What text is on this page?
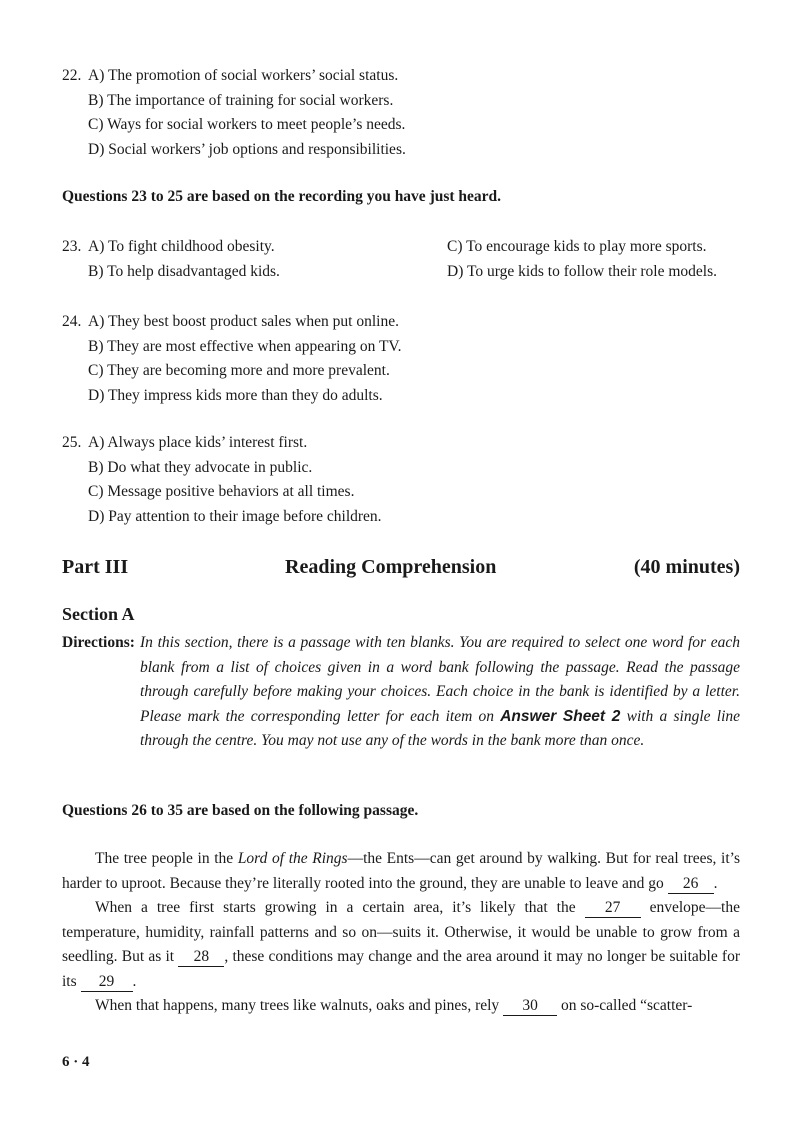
22. A) The promotion of social workers’ social status.
B) The importance of training for social workers.
C) Ways for social workers to meet people’s needs.
D) Social workers’ job options and responsibilities.
Questions 23 to 25 are based on the recording you have just heard.
23. A) To fight childhood obesity.	C) To encourage kids to play more sports.
B) To help disadvantaged kids.	D) To urge kids to follow their role models.
24. A) They best boost product sales when put online.
B) They are most effective when appearing on TV.
C) They are becoming more and more prevalent.
D) They impress kids more than they do adults.
25. A) Always place kids’ interest first.
B) Do what they advocate in public.
C) Message positive behaviors at all times.
D) Pay attention to their image before children.
Part III	Reading Comprehension	(40 minutes)
Section A
Directions: In this section, there is a passage with ten blanks. You are required to select one word for each blank from a list of choices given in a word bank following the passage. Read the passage through carefully before making your choices. Each choice in the bank is identified by a letter. Please mark the corresponding letter for each item on Answer Sheet 2 with a single line through the centre. You may not use any of the words in the bank more than once.
Questions 26 to 35 are based on the following passage.

The tree people in the Lord of the Rings—the Ents—can get around by walking. But for real trees, it’s harder to uproot. Because they’re literally rooted into the ground, they are unable to leave and go 26 .

When a tree first starts growing in a certain area, it’s likely that the 27 envelope—the temperature, humidity, rainfall patterns and so on—suits it. Otherwise, it would be unable to grow from a seedling. But as it 28 , these conditions may change and the area around it may no longer be suitable for its 29 .

When that happens, many trees like walnuts, oaks and pines, rely 30 on so-called “scatter-

6 · 4
